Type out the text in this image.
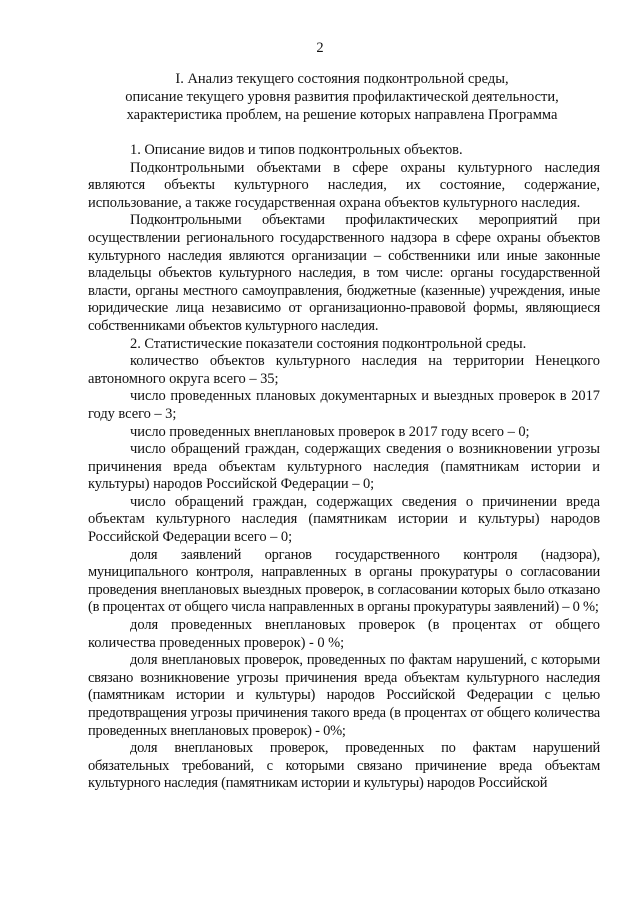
2
I. Анализ текущего состояния подконтрольной среды,
описание текущего уровня развития профилактической деятельности,
характеристика проблем, на решение которых направлена Программа

1. Описание видов и типов подконтрольных объектов.

Подконтрольными объектами в сфере охраны культурного наследия являются объекты культурного наследия, их состояние, содержание, использование, а также государственная охрана объектов культурного наследия.

Подконтрольными объектами профилактических мероприятий при осуществлении регионального государственного надзора в сфере охраны объектов культурного наследия являются организации – собственники или иные законные владельцы объектов культурного наследия, в том числе: органы государственной власти, органы местного самоуправления, бюджетные (казенные) учреждения, иные юридические лица независимо от организационно-правовой формы, являющиеся собственниками объектов культурного наследия.

2. Статистические показатели состояния подконтрольной среды.

количество объектов культурного наследия на территории Ненецкого автономного округа всего – 35;

число проведенных плановых документарных и выездных проверок в 2017 году всего – 3;

число проведенных внеплановых проверок в 2017 году всего – 0;

число обращений граждан, содержащих сведения о возникновении угрозы причинения вреда объектам культурного наследия (памятникам истории и культуры) народов Российской Федерации – 0;

число обращений граждан, содержащих сведения о причинении вреда объектам культурного наследия (памятникам истории и культуры) народов Российской Федерации всего – 0;

доля заявлений органов государственного контроля (надзора), муниципального контроля, направленных в органы прокуратуры о согласовании проведения внеплановых выездных проверок, в согласовании которых было отказано (в процентах от общего числа направленных в органы прокуратуры заявлений) – 0 %;

доля проведенных внеплановых проверок (в процентах от общего количества проведенных проверок) - 0 %;

доля внеплановых проверок, проведенных по фактам нарушений, с которыми связано возникновение угрозы причинения вреда объектам культурного наследия (памятникам истории и культуры) народов Российской Федерации с целью предотвращения угрозы причинения такого вреда (в процентах от общего количества проведенных внеплановых проверок) - 0%;

доля внеплановых проверок, проведенных по фактам нарушений обязательных требований, с которыми связано причинение вреда объектам культурного наследия (памятникам истории и культуры) народов Российской
